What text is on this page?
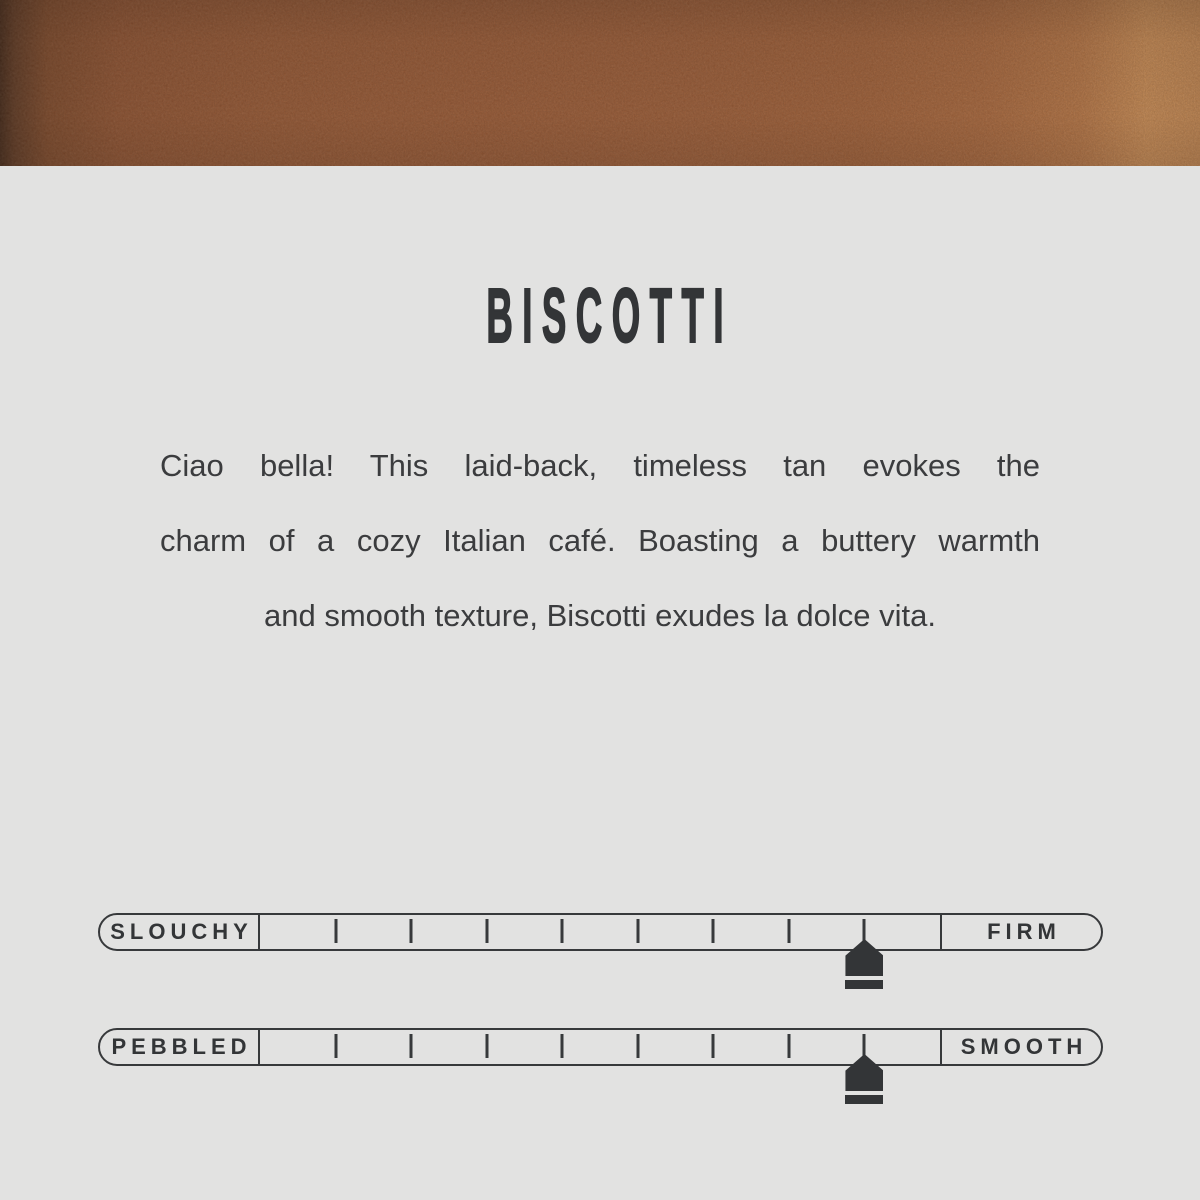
BISCOTTI
Ciao bella! This laid-back, timeless tan evokes the
charm of a cozy Italian café. Boasting a buttery warmth
and smooth texture, Biscotti exudes la dolce vita.
SLOUCHY	FIRM
PEBBLED	SMOOTH
